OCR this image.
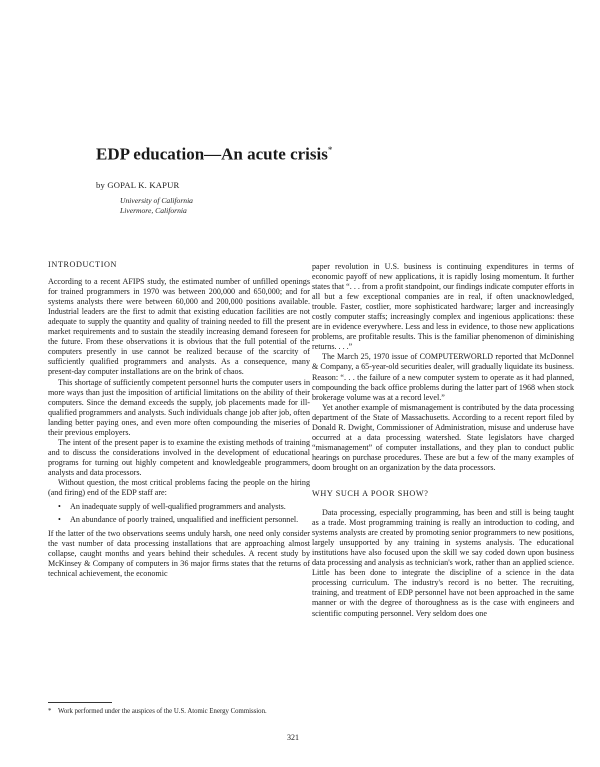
EDP education—An acute crisis*
by GOPAL K. KAPUR
University of California
Livermore, California
INTRODUCTION

According to a recent AFIPS study, the estimated number of unfilled openings for trained programmers in 1970 was between 200,000 and 650,000; and for systems analysts there were between 60,000 and 200,000 positions available. Industrial leaders are the first to admit that existing education facilities are not adequate to supply the quantity and quality of training needed to fill the present market requirements and to sustain the steadily increasing demand foreseen for the future. From these observations it is obvious that the full potential of the computers presently in use cannot be realized because of the scarcity of sufficiently qualified programmers and analysts. As a consequence, many present-day computer installations are on the brink of chaos.

This shortage of sufficiently competent personnel hurts the computer users in more ways than just the imposition of artificial limitations on the ability of their computers. Since the demand exceeds the supply, job placements made for ill-qualified programmers and analysts. Such individuals change job after job, often landing better paying ones, and even more often compounding the miseries of their previous employers.

The intent of the present paper is to examine the existing methods of training and to discuss the considerations involved in the development of educational programs for turning out highly competent and knowledgeable programmers, analysts and data processors.

Without question, the most critical problems facing the people on the hiring (and firing) end of the EDP staff are:

• An inadequate supply of well-qualified programmers and analysts.
• An abundance of poorly trained, unqualified and inefficient personnel.

If the latter of the two observations seems unduly harsh, one need only consider the vast number of data processing installations that are approaching almost collapse, caught months and years behind their schedules. A recent study by McKinsey & Company of computers in 36 major firms states that the returns of technical achievement, the economic

paper revolution in U.S. business is continuing expenditures in terms of economic payoff of new applications, it is rapidly losing momentum. It further states that “. . . from a profit standpoint, our findings indicate computer efforts in all but a few exceptional companies are in real, if often unacknowledged, trouble. Faster, costlier, more sophisticated hardware; larger and increasingly costly computer staffs; increasingly complex and ingenious applications: these are in evidence everywhere. Less and less in evidence, to those new applications problems, are profitable results. This is the familiar phenomenon of diminishing returns. . . .”

The March 25, 1970 issue of COMPUTERWORLD reported that McDonnel & Company, a 65-year-old securities dealer, will gradually liquidate its business. Reason: “. . . the failure of a new computer system to operate as it had planned, compounding the back office problems during the latter part of 1968 when stock brokerage volume was at a record level.”

Yet another example of mismanagement is contributed by the data processing department of the State of Massachusetts. According to a recent report filed by Donald R. Dwight, Commissioner of Administration, misuse and underuse have occurred at a data processing watershed. State legislators have charged “mismanagement” of computer installations, and they plan to conduct public hearings on purchase procedures. These are but a few of the many examples of doom brought on an organization by the data processors.

WHY SUCH A POOR SHOW?

Data processing, especially programming, has been and still is being taught as a trade. Most programming training is really an introduction to coding, and systems analysts are created by promoting senior programmers to new positions, largely unsupported by any training in systems analysis. The educational institutions have also focused upon the skill we say coded down upon business data processing and analysis as technician's work, rather than an applied science. Little has been done to integrate the discipline of a science in the data processing curriculum. The industry's record is no better. The recruiting, training, and treatment of EDP personnel have not been approached in the same manner or with the degree of thoroughness as is the case with engineers and scientific computing personnel. Very seldom does one

* Work performed under the auspices of the U.S. Atomic Energy Commission.
321
